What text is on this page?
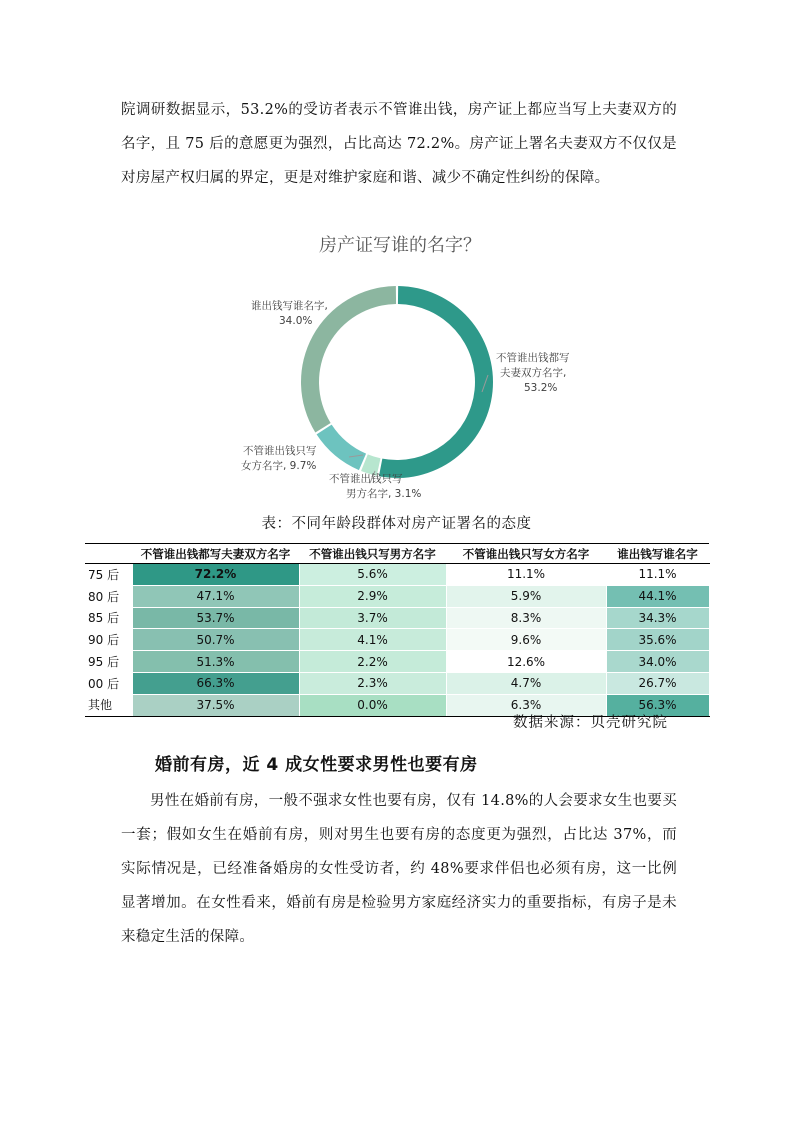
院调研数据显示，53.2%的受访者表示不管谁出钱，房产证上都应当写上夫妻双方的名字，且 75 后的意愿更为强烈，占比高达 72.2%。房产证上署名夫妻双方不仅仅是对房屋产权归属的界定，更是对维护家庭和谐、减少不确定性纠纷的保障。

房产证写谁的名字？
不管谁出钱都写
夫妻双方名字,
53.2%
不管谁出钱只写
男方名字, 3.1%
不管谁出钱只写
女方名字, 9.7%
谁出钱写谁名字,
34.0%
表：不同年龄段群体对房产证署名的态度
	不管谁出钱都写夫妻双方名字	不管谁出钱只写男方名字	不管谁出钱只写女方名字	谁出钱写谁名字
75 后	72.2%	5.6%	11.1%	11.1%
80 后	47.1%	2.9%	5.9%	44.1%
85 后	53.7%	3.7%	8.3%	34.3%
90 后	50.7%	4.1%	9.6%	35.6%
95 后	51.3%	2.2%	12.6%	34.0%
00 后	66.3%	2.3%	4.7%	26.7%
其他	37.5%	0.0%	6.3%	56.3%
数据来源：贝壳研究院
婚前有房，近 4 成女性要求男性也要有房

男性在婚前有房，一般不强求女性也要有房，仅有 14.8%的人会要求女生也要买一套；假如女生在婚前有房，则对男生也要有房的态度更为强烈，占比达 37%，而实际情况是，已经准备婚房的女性受访者，约 48%要求伴侣也必须有房，这一比例显著增加。在女性看来，婚前有房是检验男方家庭经济实力的重要指标，有房子是未来稳定生活的保障。
